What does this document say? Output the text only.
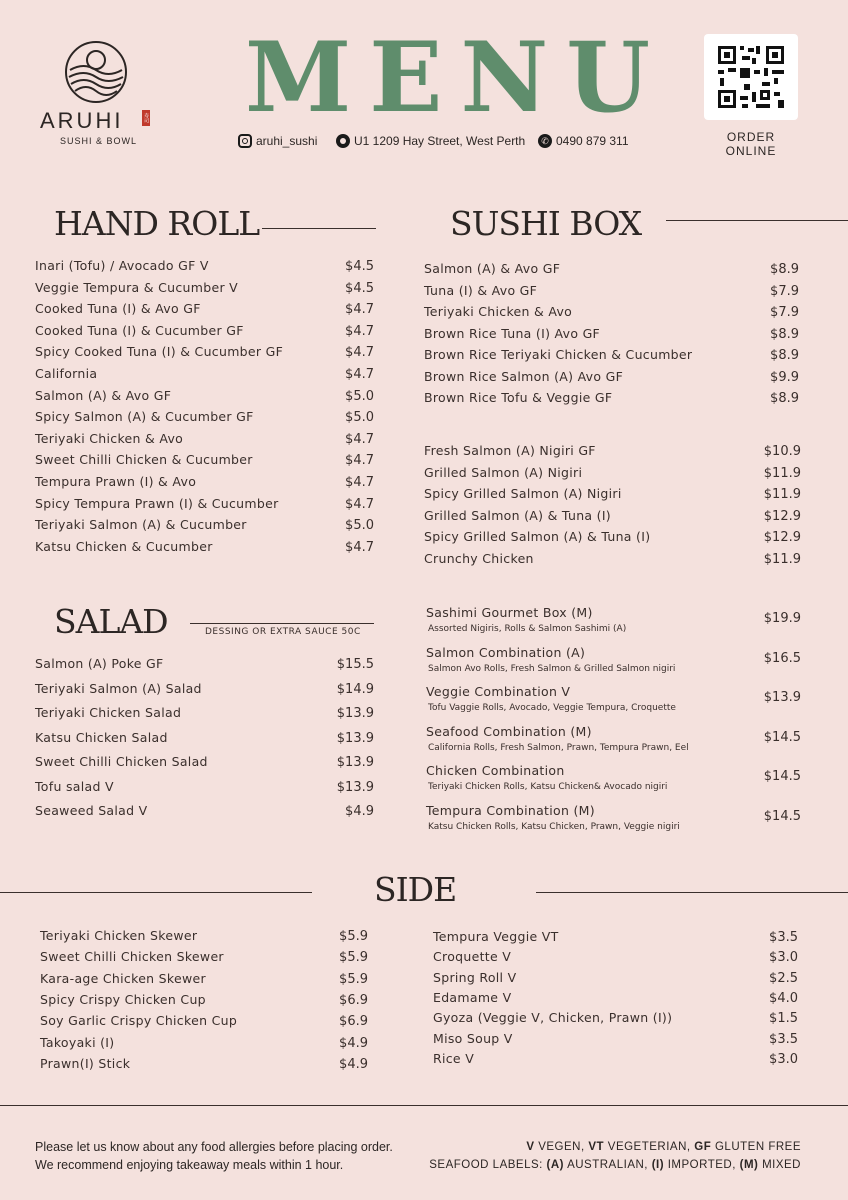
ARUHI	寿司
SUSHI & BOWL
MENU
aruhi_sushi	U1 1209 Hay Street, West Perth	✆ 0490 879 311	ORDER ONLINE
HAND ROLL
Inari (Tofu) / Avocado GF V	$4.5
Veggie Tempura & Cucumber V	$4.5
Cooked Tuna (I) & Avo GF	$4.7
Cooked Tuna (I) & Cucumber GF	$4.7
Spicy Cooked Tuna (I) & Cucumber GF	$4.7
California	$4.7
Salmon (A) & Avo GF	$5.0
Spicy Salmon (A) & Cucumber GF	$5.0
Teriyaki Chicken & Avo	$4.7
Sweet Chilli Chicken & Cucumber	$4.7
Tempura Prawn (I) & Avo	$4.7
Spicy Tempura Prawn (I) & Cucumber	$4.7
Teriyaki Salmon (A) & Cucumber	$5.0
Katsu Chicken & Cucumber	$4.7
SUSHI BOX
Salmon (A) & Avo GF	$8.9
Tuna (I) & Avo GF	$7.9
Teriyaki Chicken & Avo	$7.9
Brown Rice Tuna (I) Avo GF	$8.9
Brown Rice Teriyaki Chicken & Cucumber	$8.9
Brown Rice Salmon (A) Avo GF	$9.9
Brown Rice Tofu & Veggie GF	$8.9
Fresh Salmon (A) Nigiri GF	$10.9
Grilled Salmon (A) Nigiri	$11.9
Spicy Grilled Salmon (A) Nigiri	$11.9
Grilled Salmon (A) & Tuna (I)	$12.9
Spicy Grilled Salmon (A) & Tuna (I)	$12.9
Crunchy Chicken	$11.9
Sashimi Gourmet Box (M)	$19.9
Assorted Nigiris, Rolls & Salmon Sashimi (A)
Salmon Combination (A)	$16.5
Salmon Avo Rolls, Fresh Salmon & Grilled Salmon nigiri
Veggie Combination V	$13.9
Tofu Vaggie Rolls, Avocado, Veggie Tempura, Croquette
Seafood Combination (M)	$14.5
California Rolls, Fresh Salmon, Prawn, Tempura Prawn, Eel
Chicken Combination	$14.5
Teriyaki Chicken Rolls, Katsu Chicken& Avocado nigiri
Tempura Combination (M)	$14.5
Katsu Chicken Rolls, Katsu Chicken, Prawn, Veggie nigiri
SALAD	DESSING OR EXTRA SAUCE 50C
Salmon (A) Poke GF	$15.5
Teriyaki Salmon (A) Salad	$14.9
Teriyaki Chicken Salad	$13.9
Katsu Chicken Salad	$13.9
Sweet Chilli Chicken Salad	$13.9
Tofu salad V	$13.9
Seaweed Salad V	$4.9
SIDE
Teriyaki Chicken Skewer	$5.9
Sweet Chilli Chicken Skewer	$5.9
Kara-age Chicken Skewer	$5.9
Spicy Crispy Chicken Cup	$6.9
Soy Garlic Crispy Chicken Cup	$6.9
Takoyaki (I)	$4.9
Prawn(I) Stick	$4.9
Tempura Veggie VT	$3.5
Croquette V	$3.0
Spring Roll V	$2.5
Edamame V	$4.0
Gyoza (Veggie V, Chicken, Prawn (I))	$1.5
Miso Soup V	$3.5
Rice V	$3.0
Please let us know about any food allergies before placing order.
We recommend enjoying takeaway meals within 1 hour.
V VEGEN, VT VEGETERIAN, GF GLUTEN FREE
SEAFOOD LABELS: (A) AUSTRALIAN, (I) IMPORTED, (M) MIXED
